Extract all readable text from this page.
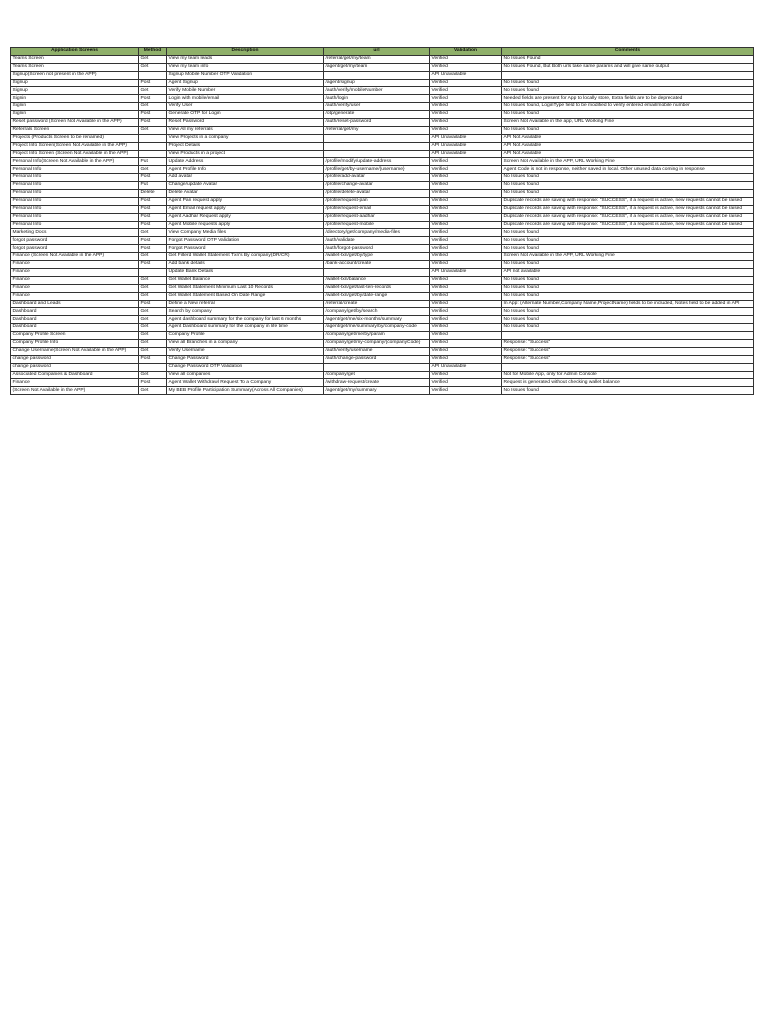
Application Screens	Method	Description	url	Validation	Comments
Teams Screen	Get	View my team leads	/referral/get/my/team	Verified	No Issues Found
Teams Screen	Get	View my team info	/agent/get/my/team	Verified	No Issues Found, But Both urls take same params and will give same output
Signup(Screen not present in the APP)		Signup Mobile Number OTP Validation		API Unavailable	
Signup	Post	Agent Signup	/agent/signup	Verified	No Issues found
Signup	Get	Verify Mobile Number	/auth/verify/mobileNumber	Verified	No Issues found
Signin	Post	Login with mobile/email	/auth/login	Verified	Needed fields are present for App to locally store, Extra fields are to be deprecated
Signin	Get	Verify User	/auth/verify/user	Verified	No Issues found, LoginType field to be modified to verify entered email/mobile number
Signin	Post	Generate OTP for Login	/otp/generate	Verified	No Issues found
Reset password (Screen Not Available in the APP)	Post	Reset Password	/auth/reset-password	Verified	Screen Not Available in the app, URL Working Fine
Referrals Screen	Get	View All my referrals	/referral/get/my	Verified	No Issues found
Projects (Products Screen to be renamed)		View Projects in a company		API Unavailable	API Not Available
Project Info Screen(Screen Not Available in the APP)		Project Details		API Unavailable	API Not Available
Project Info Screen (Screen Not Available in the APP)		View Products in a project		API Unavailable	API Not Available
Personal Info(Screen Not Available in the APP)	Put	Update Address	/profile/modify/update-address	Verified	Screen Not Available in the APP, URL Working Fine
Personal Info	Get	Agent Profile Info	/profile/get/by-username/{username}	Verified	Agent Code is not in response, neither saved in local. Other unused data coming in response
Personal Info	Post	Add avatar	/profile/add-avatar	Verified	No Issues found
Personal Info	Put	Change/update Avatar	/profile/change-avatar	Verified	No Issues found
Personal Info	Delete	Delete Avatar	/profile/delete-avatar	Verified	No Issues found
Personal Info	Post	Agent Pan request apply	/profile/request-pan	Verified	Duplicate records are saving with response: "SUCCESS", if a request is active, new requests cannot be raised
Personal Info	Post	Agent Email request apply	/profile/request-email	Verified	Duplicate records are saving with response: "SUCCESS", if a request is active, new requests cannot be raised
Personal Info	Post	Agent Aadhar Request apply	/profile/request-aadhar	Verified	Duplicate records are saving with response: "SUCCESS", if a request is active, new requests cannot be raised
Personal Info	Post	Agent Mobile requests apply	/profile/request-mobile	Verified	Duplicate records are saving with response: "SUCCESS", if a request is active, new requests cannot be raised
Marketing Docs	Get	View Company Media files	/directory/get/company/media-files	Verified	No Issues found
forgot password	Post	Forgot Password OTP Validation	/auth/validate	Verified	No Issues found
forgot password	Post	Forgot Password	/auth/forgot-password	Verified	No Issues found
Finance (Screen Not Available in the APP)	Get	Get Filterd Wallet Statement Txn's By company(DR/CR)	/wallet-txn/get/by/type	Verified	Screen Not Available in the APP, URL Working Fine
Finance	Post	Add bank details	/bank-account/create	Verified	No Issues found
Finance		Update Bank Details		API Unavailable	API not available
Finance	Get	Get Wallet Balance	/wallet-txn/balance	Verified	No Issues found
Finance	Get	Get Wallet Statement Minimum Last 10 Records	/wallet-txn/get/last-ten-records	Verified	No Issues found
Finance	Get	Get Wallet Statement Based On Date Range	/wallet-txn/get/by/date-range	Verified	No Issues found
Dashboard and Leads	Post	Define a New referral	/referral/create	Verified	In App: (Alternate Number,Company Name,ProjectName) fields to be included, Notes field to be added in API
Dashboard	Get	Search by company	/company/get/by/search	Verified	No Issues found
Dashboard	Get	Agent dashboard summary for the company for last 6 months	/agent/get/me/six-months/summary	Verified	No Issues found
Dashboard	Get	Agent Dashboard summary for the company in life time	/agent/get/me/summary/by/company-code	Verified	No Issues found
Company Profile Screen	Get	Company Profile	/company/get/me/by/param	Verified	
Company Profile Info	Get	View all Branches in a company	/company/get/my-company/{companyCode}	Verified	Response: "Success"
Change Username(Screen Not Available in the APP)	Get	Verify Username	/auth/verify/username	Verified	Response: "Success"
change password	Post	Change Password	/auth/change-password	Verified	Response: "Success"
change password		Change Password OTP Validation		API Unavailable	
Associated Companies & Dashboard	Get	View all companies	/company/get	Verified	Not for Mobile App, only for Admin Console
Finance	Post	Agent Wallet Withdrawl Request To a Company	/withdraw-request/create	Verified	Request is generated without checking wallet balance
(Screen Not Available in the APP)	Get	My BEB Profile Participation Summary(Across All Companies)	/agent/get/my/summary	Verified	No Issues found
